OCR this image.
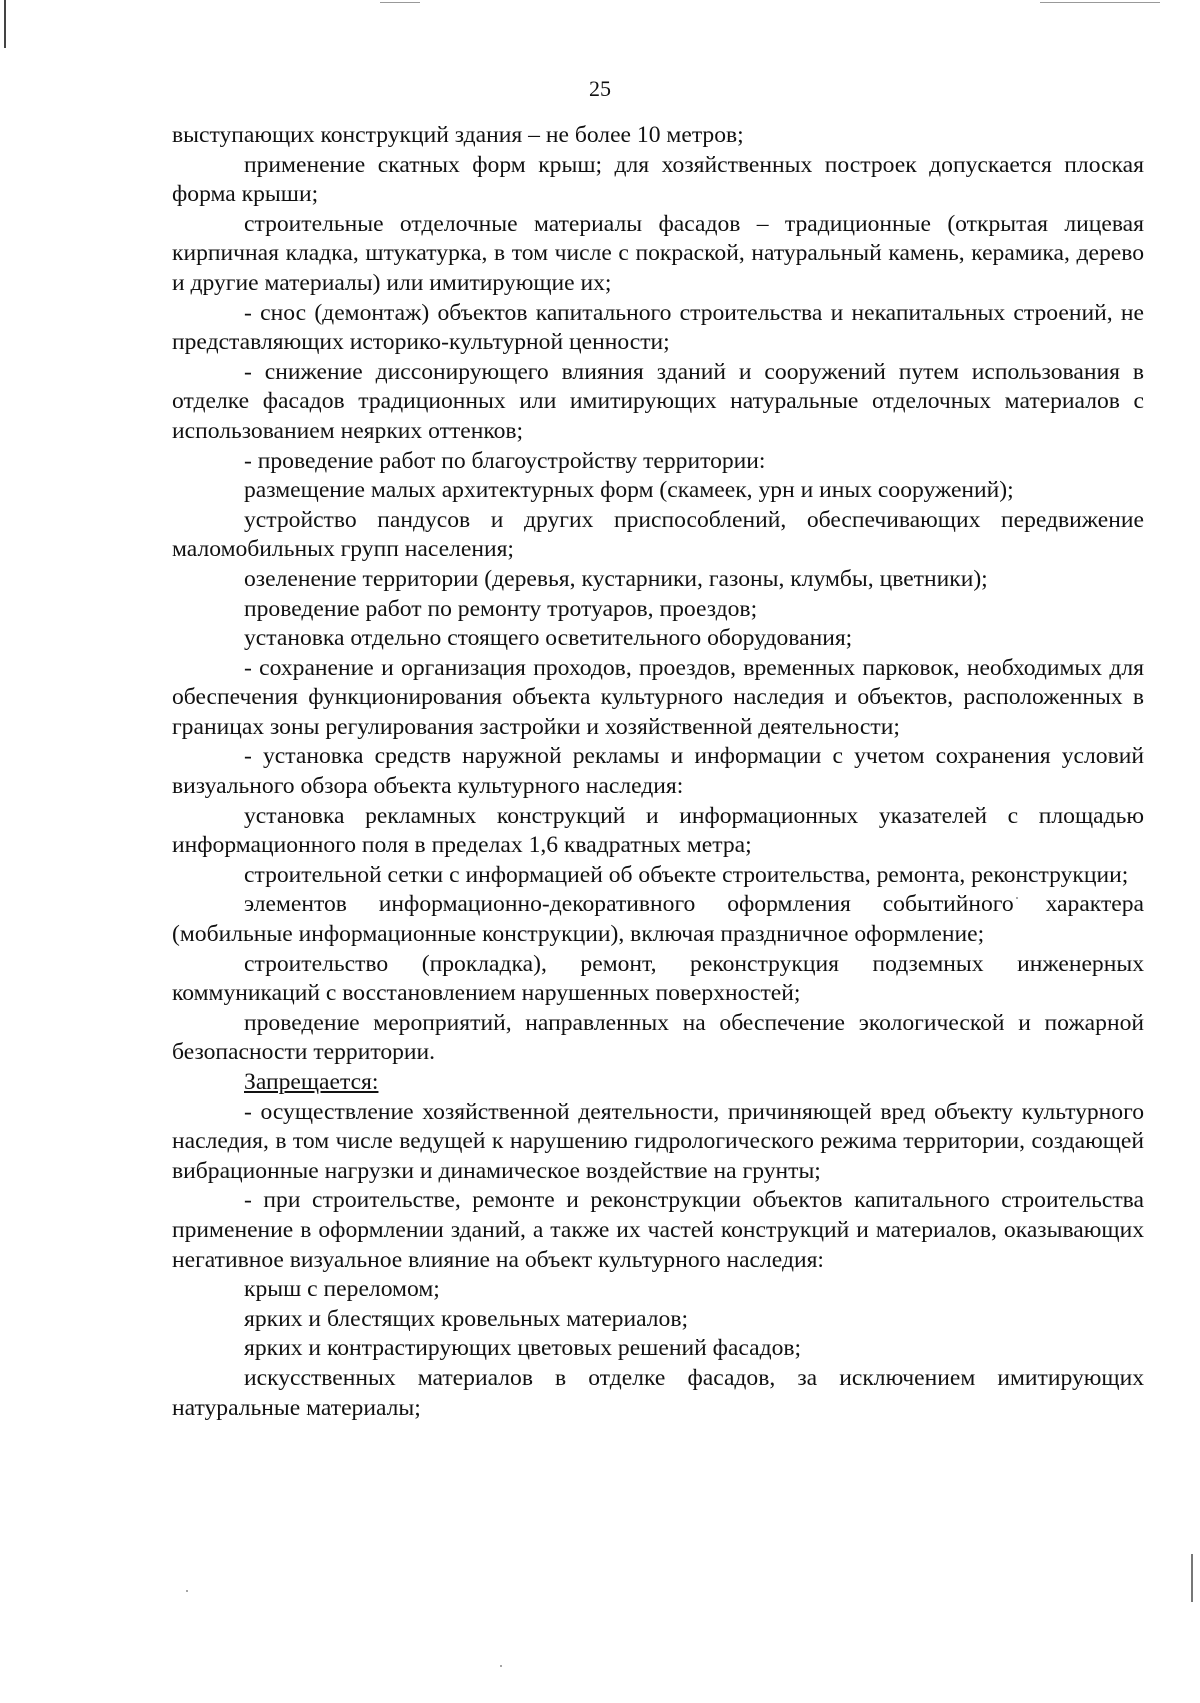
25

выступающих конструкций здания – не более 10 метров;

применение скатных форм крыш; для хозяйственных построек допускается плоская форма крыши;

строительные отделочные материалы фасадов – традиционные (открытая лицевая кирпичная кладка, штукатурка, в том числе с покраской, натуральный камень, керамика, дерево и другие материалы) или имитирующие их;

- снос (демонтаж) объектов капитального строительства и некапитальных строений, не представляющих историко-культурной ценности;

- снижение диссонирующего влияния зданий и сооружений путем использования в отделке фасадов традиционных или имитирующих натуральные отделочных материалов с использованием неярких оттенков;

- проведение работ по благоустройству территории:

размещение малых архитектурных форм (скамеек, урн и иных сооружений);

устройство пандусов и других приспособлений, обеспечивающих передвижение маломобильных групп населения;

озеленение территории (деревья, кустарники, газоны, клумбы, цветники);

проведение работ по ремонту тротуаров, проездов;

установка отдельно стоящего осветительного оборудования;

- сохранение и организация проходов, проездов, временных парковок, необходимых для обеспечения функционирования объекта культурного наследия и объектов, расположенных в границах зоны регулирования застройки и хозяйственной деятельности;

- установка средств наружной рекламы и информации с учетом сохранения условий визуального обзора объекта культурного наследия:

установка рекламных конструкций и информационных указателей с площадью информационного поля в пределах 1,6 квадратных метра;

строительной сетки с информацией об объекте строительства, ремонта, реконструкции;

элементов информационно-декоративного оформления событийного характера (мобильные информационные конструкции), включая праздничное оформление;

строительство (прокладка), ремонт, реконструкция подземных инженерных коммуникаций с восстановлением нарушенных поверхностей;

проведение мероприятий, направленных на обеспечение экологической и пожарной безопасности территории.

Запрещается:

- осуществление хозяйственной деятельности, причиняющей вред объекту культурного наследия, в том числе ведущей к нарушению гидрологического режима территории, создающей вибрационные нагрузки и динамическое воздействие на грунты;

- при строительстве, ремонте и реконструкции объектов капитального строительства применение в оформлении зданий, а также их частей конструкций и материалов, оказывающих негативное визуальное влияние на объект культурного наследия:

крыш с переломом;

ярких и блестящих кровельных материалов;

ярких и контрастирующих цветовых решений фасадов;

искусственных материалов в отделке фасадов, за исключением имитирующих натуральные материалы;
